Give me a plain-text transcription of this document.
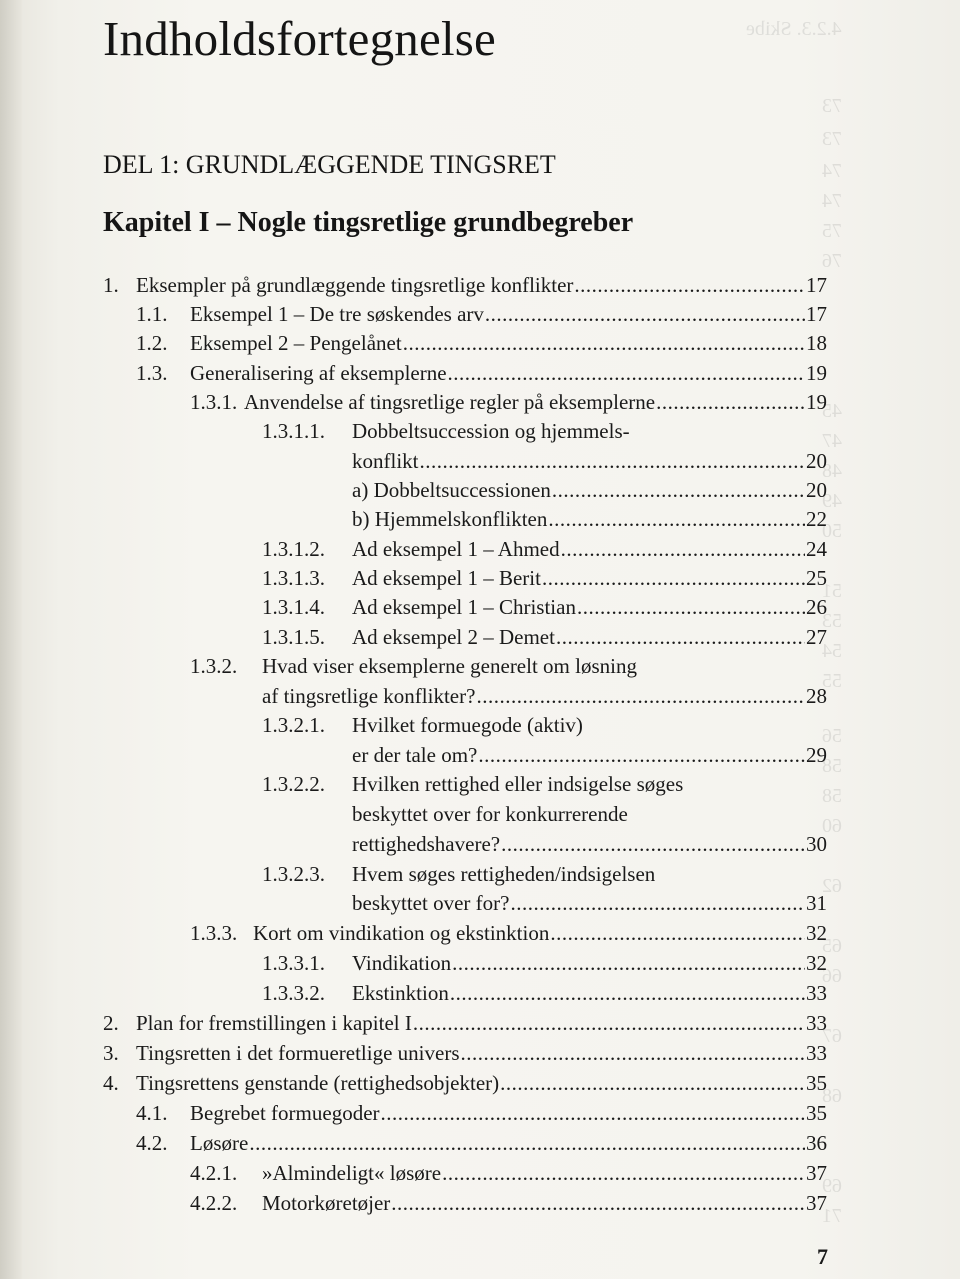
4.2.3. Skibe
73
73
74
74
75
76
45
47
48
49
50
51
53
54
55
56
58
58
60
62
65
66
67
68
69
71
Indholdsfortegnelse
DEL 1: GRUNDLÆGGENDE TINGSRET
Kapitel I – Nogle tingsretlige grundbegreber
1. Eksempler på grundlæggende tingsretlige konflikter .....	17
1.1. Eksempel 1 – De tre søskendes arv .....	17
1.2. Eksempel 2 – Pengelånet .....	18
1.3. Generalisering af eksemplerne .....	19
1.3.1. Anvendelse af tingsretlige regler på eksemplerne .....	19
1.3.1.1. Dobbeltsuccession og hjemmels-
konflikt .....	20
a) Dobbeltsuccessionen .....	20
b) Hjemmelskonflikten .....	22
1.3.1.2. Ad eksempel 1 – Ahmed .....	24
1.3.1.3. Ad eksempel 1 – Berit .....	25
1.3.1.4. Ad eksempel 1 – Christian .....	26
1.3.1.5. Ad eksempel 2 – Demet .....	27
1.3.2. Hvad viser eksemplerne generelt om løsning
af tingsretlige konflikter? .....	28
1.3.2.1. Hvilket formuegode (aktiv)
er der tale om? .....	29
1.3.2.2. Hvilken rettighed eller indsigelse søges
beskyttet over for konkurrerende
rettighedshavere? .....	30
1.3.2.3. Hvem søges rettigheden/indsigelsen
beskyttet over for? .....	31
1.3.3. Kort om vindikation og ekstinktion .....	32
1.3.3.1. Vindikation .....	32
1.3.3.2. Ekstinktion .....	33
2. Plan for fremstillingen i kapitel I .....	33
3. Tingsretten i det formueretlige univers .....	33
4. Tingsrettens genstande (rettighedsobjekter) .....	35
4.1. Begrebet formuegoder .....	35
4.2. Løsøre .....	36
4.2.1. »Almindeligt« løsøre .....	37
4.2.2. Motorkøretøjer .....	37
7
